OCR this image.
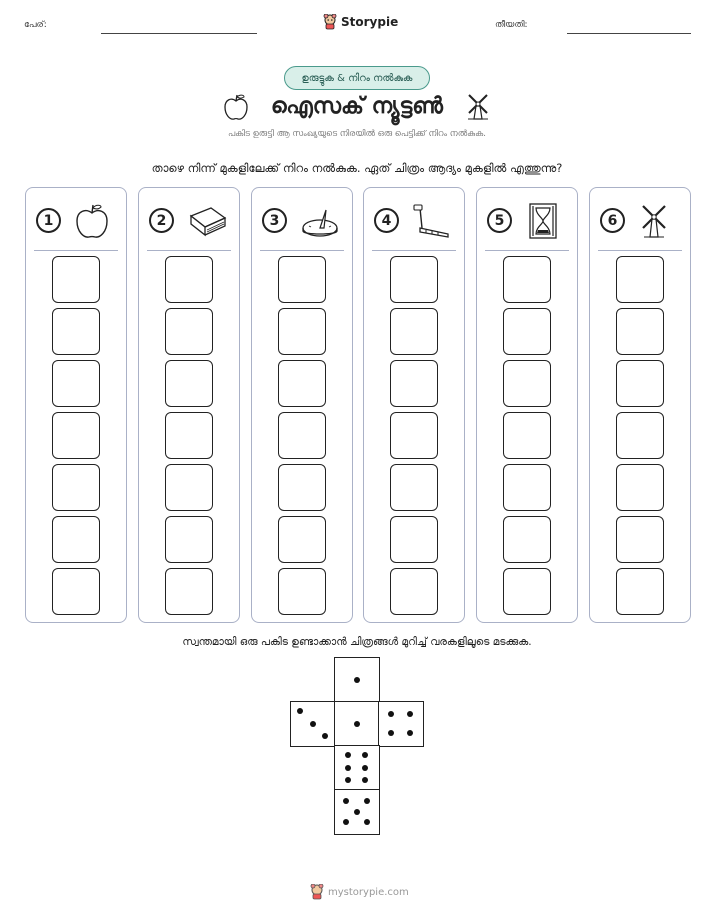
പേര്:	Storypie	തീയതി:
ഉരുട്ടുക & നിറം നൽകുക
ഐസക് ന്യൂട്ടൺ
പകിട ഉരുട്ടി ആ സംഖ്യയുടെ നിരയിൽ ഒരു പെട്ടിക്ക് നിറം നൽകുക.
താഴെ നിന്ന് മുകളിലേക്ക് നിറം നൽകുക. ഏത് ചിത്രം ആദ്യം മുകളിൽ എത്തുന്നു?
1	2	3	4	5	6
സ്വന്തമായി ഒരു പകിട ഉണ്ടാക്കാൻ ചിത്രങ്ങൾ മുറിച്ച് വരകളിലൂടെ മടക്കുക.
mystorypie.com
